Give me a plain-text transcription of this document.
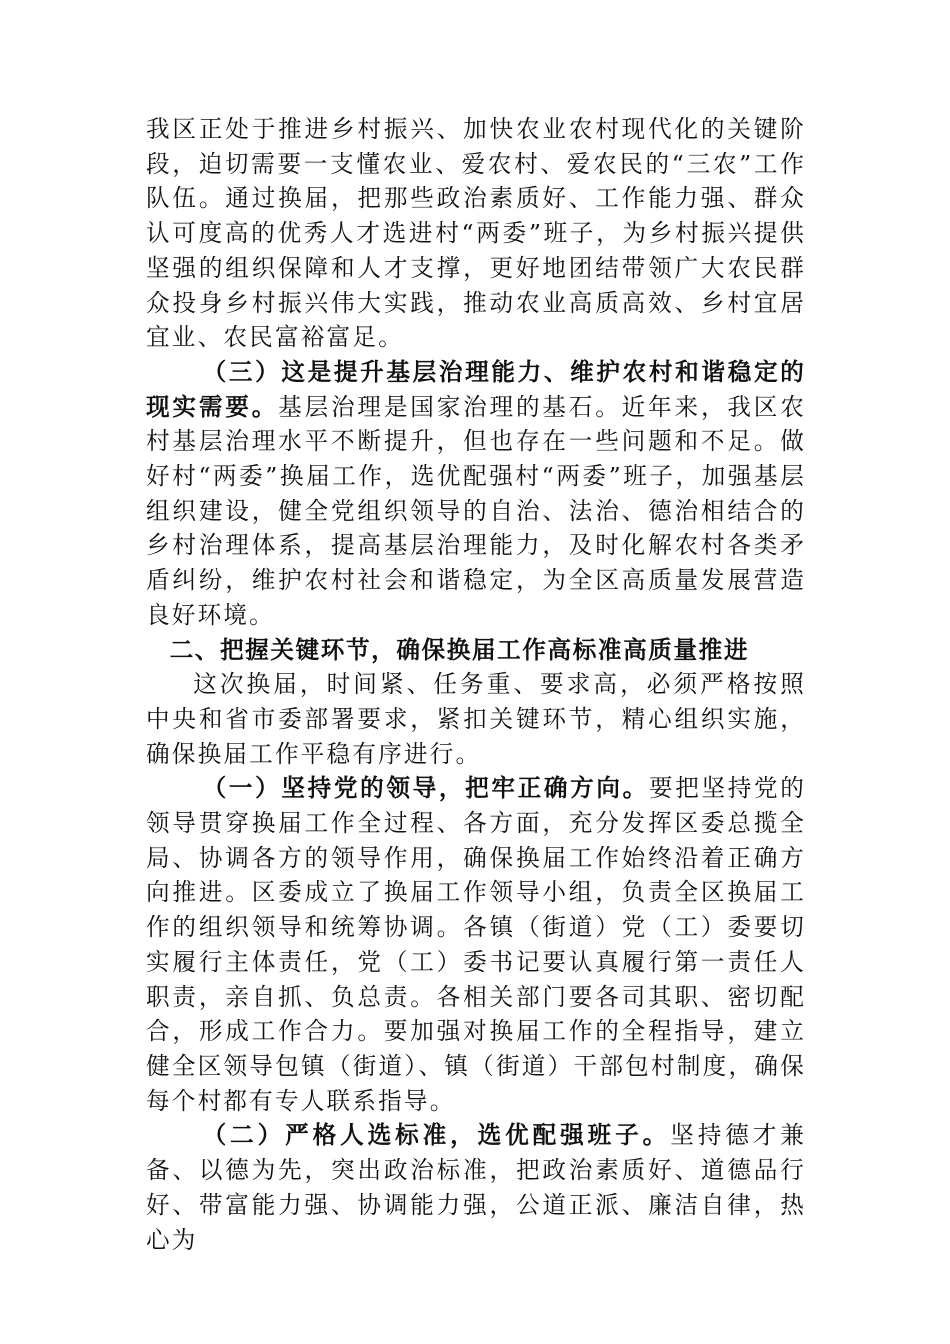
我区正处于推进乡村振兴、加快农业农村现代化的关键阶段，迫切需要一支懂农业、爱农村、爱农民的“三农”工作队伍。通过换届，把那些政治素质好、工作能力强、群众认可度高的优秀人才选进村“两委”班子，为乡村振兴提供坚强的组织保障和人才支撑，更好地团结带领广大农民群众投身乡村振兴伟大实践，推动农业高质高效、乡村宜居宜业、农民富裕富足。

（三）这是提升基层治理能力、维护农村和谐稳定的现实需要。基层治理是国家治理的基石。近年来，我区农村基层治理水平不断提升，但也存在一些问题和不足。做好村“两委”换届工作，选优配强村“两委”班子，加强基层组织建设，健全党组织领导的自治、法治、德治相结合的乡村治理体系，提高基层治理能力，及时化解农村各类矛盾纠纷，维护农村社会和谐稳定，为全区高质量发展营造良好环境。

二、把握关键环节，确保换届工作高标准高质量推进

这次换届，时间紧、任务重、要求高，必须严格按照中央和省市委部署要求，紧扣关键环节，精心组织实施，确保换届工作平稳有序进行。

（一）坚持党的领导，把牢正确方向。要把坚持党的领导贯穿换届工作全过程、各方面，充分发挥区委总揽全局、协调各方的领导作用，确保换届工作始终沿着正确方向推进。区委成立了换届工作领导小组，负责全区换届工作的组织领导和统筹协调。各镇（街道）党（工）委要切实履行主体责任，党（工）委书记要认真履行第一责任人职责，亲自抓、负总责。各相关部门要各司其职、密切配合，形成工作合力。要加强对换届工作的全程指导，建立健全区领导包镇（街道）、镇（街道）干部包村制度，确保每个村都有专人联系指导。

（二）严格人选标准，选优配强班子。坚持德才兼备、以德为先，突出政治标准，把政治素质好、道德品行好、带富能力强、协调能力强，公道正派、廉洁自律，热心为
